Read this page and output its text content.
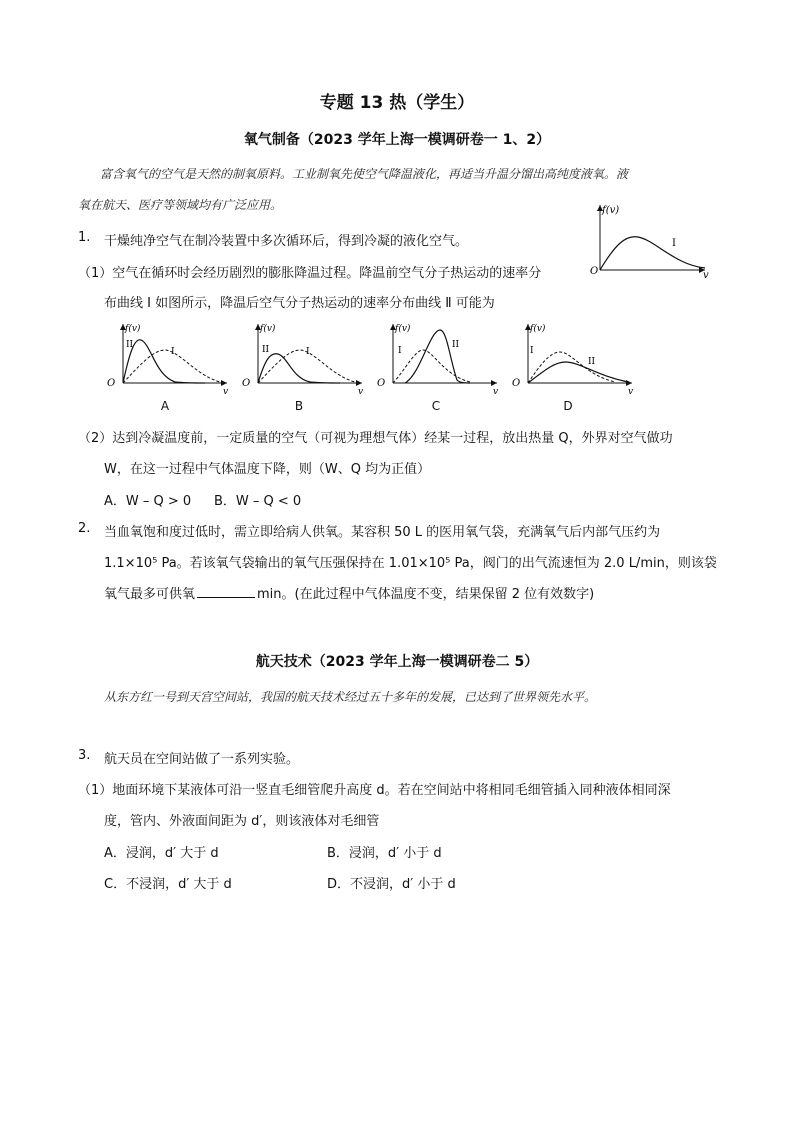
专题 13 热（学生）
氧气制备（2023 学年上海一模调研卷一 1、2）
富含氧气的空气是天然的制氧原料。工业制氧先使空气降温液化，再适当升温分馏出高纯度液氧。液
氧在航天、医疗等领域均有广泛应用。
1. 干燥纯净空气在制冷装置中多次循环后，得到冷凝的液化空气。
（1）空气在循环时会经历剧烈的膨胀降温过程。降温前空气分子热运动的速率分
布曲线 Ⅰ 如图所示，降温后空气分子热运动的速率分布曲线 Ⅱ 可能为
f(v)
O	v
I
f(v)
O
v
II
I
f(v)
O
v
II	I
f(v)
O
v
I
II
f(v)
O
v
I
II
A	B	C	D
（2）达到冷凝温度前，一定质量的空气（可视为理想气体）经某一过程，放出热量 Q，外界对空气做功
W，在这一过程中气体温度下降，则（W、Q 均为正值）
A．W – Q > 0 B．W – Q < 0
2. 当血氧饱和度过低时，需立即给病人供氧。某容积 50 L 的医用氧气袋，充满氧气后内部气压约为
1.1×10⁵ Pa。若该氧气袋输出的氧气压强保持在 1.01×10⁵ Pa，阀门的出气流速恒为 2.0 L/min，则该袋
氧气最多可供氧	min。(在此过程中气体温度不变，结果保留 2 位有效数字)
航天技术（2023 学年上海一模调研卷二 5）
从东方红一号到天宫空间站，我国的航天技术经过五十多年的发展，已达到了世界领先水平。
3. 航天员在空间站做了一系列实验。
（1）地面环境下某液体可沿一竖直毛细管爬升高度 d。若在空间站中将相同毛细管插入同种液体相同深
度，管内、外液面间距为 d′，则该液体对毛细管
A．浸润，d′ 大于 d	B．浸润，d′ 小于 d
C．不浸润，d′ 大于 d	D．不浸润，d′ 小于 d
